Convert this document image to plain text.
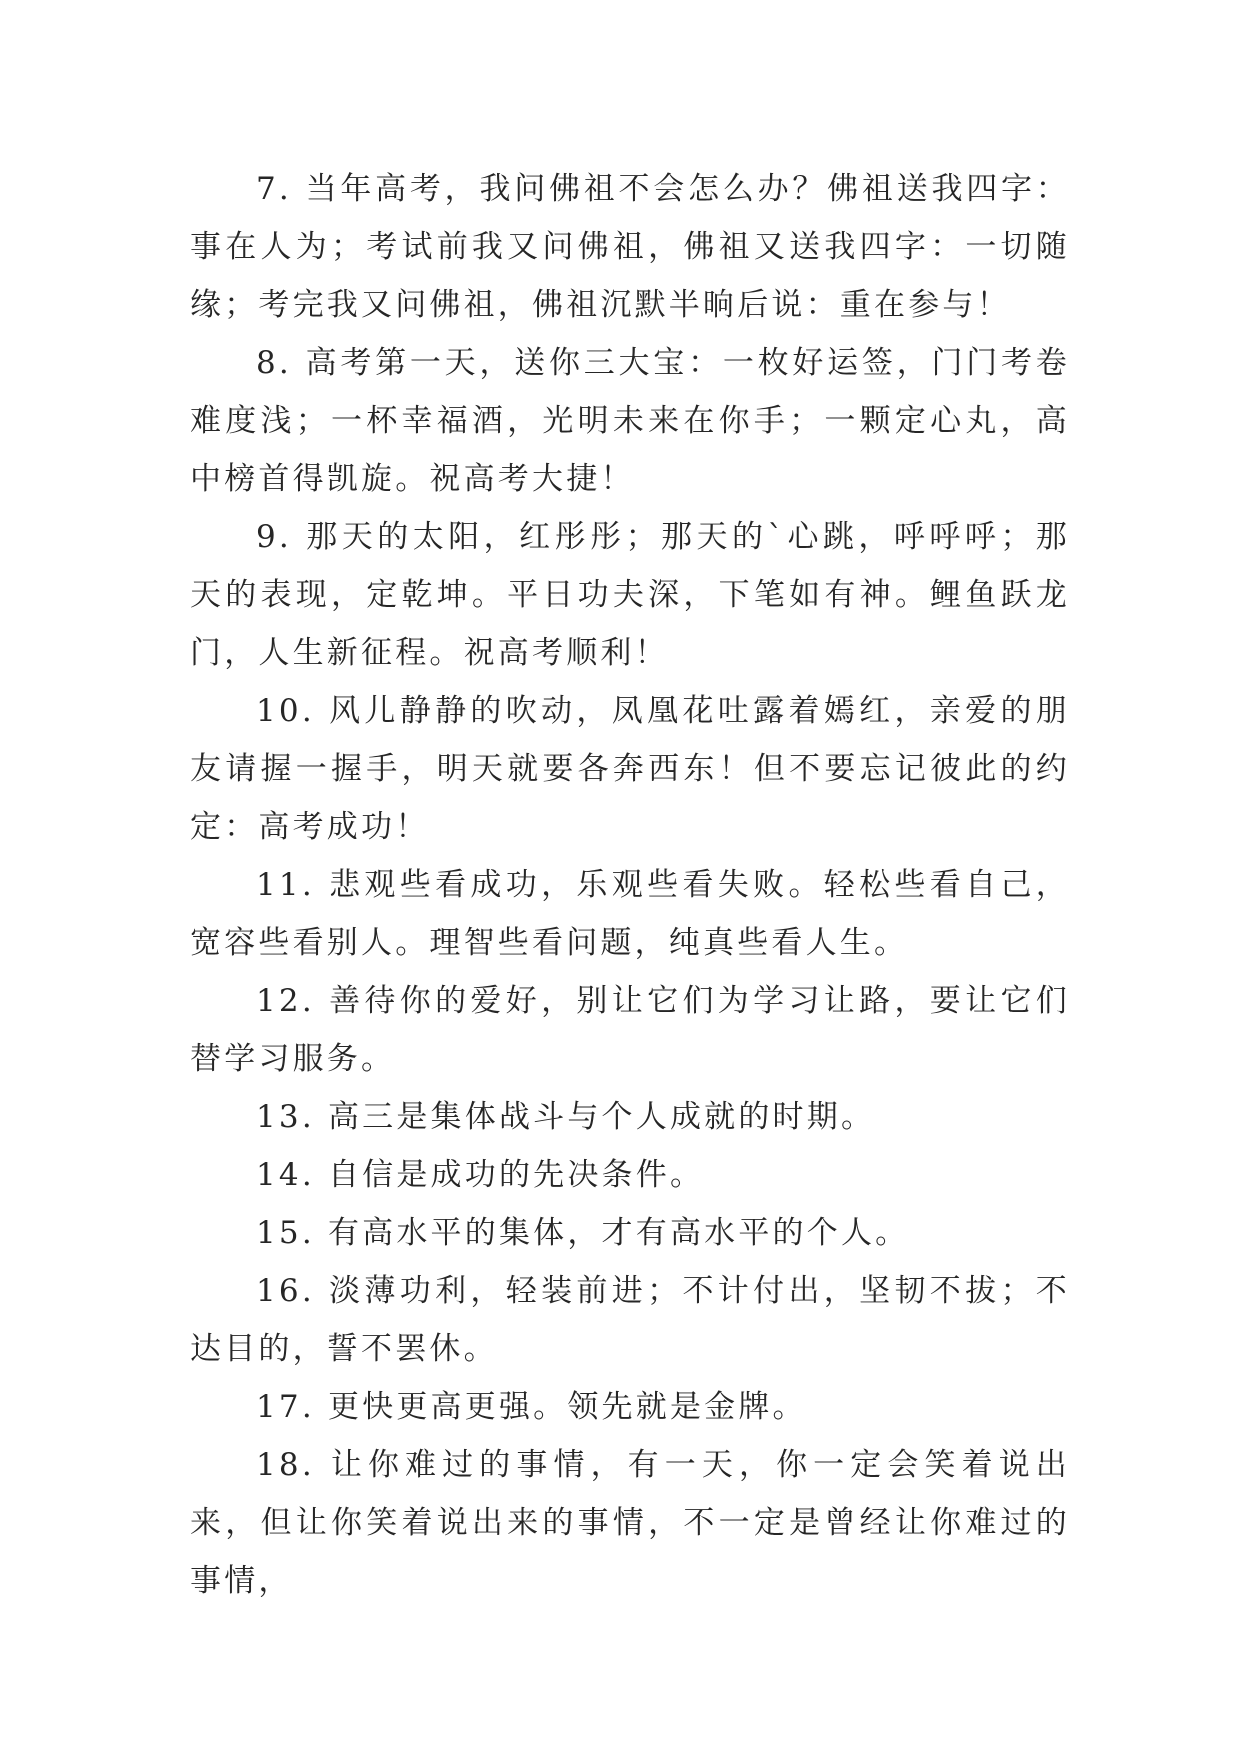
7. 当年高考，我问佛祖不会怎么办？佛祖送我四字：事在人为；考试前我又问佛祖，佛祖又送我四字：一切随缘；考完我又问佛祖，佛祖沉默半晌后说：重在参与！

8. 高考第一天，送你三大宝：一枚好运签，门门考卷难度浅；一杯幸福酒，光明未来在你手；一颗定心丸，高中榜首得凯旋。祝高考大捷！

9. 那天的太阳，红彤彤；那天的`心跳，呼呼呼；那天的表现，定乾坤。平日功夫深，下笔如有神。鲤鱼跃龙门，人生新征程。祝高考顺利！

10. 风儿静静的吹动，凤凰花吐露着嫣红，亲爱的朋友请握一握手，明天就要各奔西东！但不要忘记彼此的约定：高考成功！

11. 悲观些看成功，乐观些看失败。轻松些看自己，宽容些看别人。理智些看问题，纯真些看人生。

12. 善待你的爱好，别让它们为学习让路，要让它们替学习服务。

13. 高三是集体战斗与个人成就的时期。

14. 自信是成功的先决条件。

15. 有高水平的集体，才有高水平的个人。

16. 淡薄功利，轻装前进；不计付出，坚韧不拔；不达目的，誓不罢休。

17. 更快更高更强。领先就是金牌。

18. 让你难过的事情，有一天，你一定会笑着说出来，但让你笑着说出来的事情，不一定是曾经让你难过的事情，
